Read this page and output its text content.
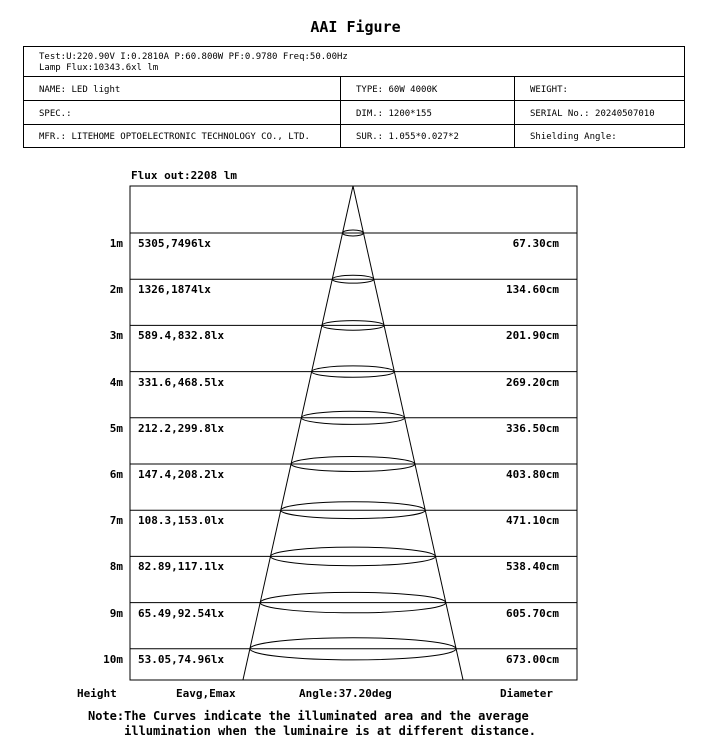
AAI Figure
Test:U:220.90V I:0.2810A P:60.800W PF:0.9780 Freq:50.00Hz
Lamp Flux:10343.6xl lm		

NAME: LED light	TYPE: 60W 4000K	WEIGHT:
SPEC.:	DIM.: 1200*155	SERIAL No.: 20240507010
MFR.: LITEHOME OPTOELECTRONIC TECHNOLOGY CO., LTD.	SUR.: 1.055*0.027*2	Shielding Angle:
Flux out:2208 lm
1m 5305,7496lx	67.30cm
2m 1326,1874lx	134.60cm
3m 589.4,832.8lx	201.90cm
4m 331.6,468.5lx	269.20cm
5m 212.2,299.8lx	336.50cm
6m 147.4,208.2lx	403.80cm
7m 108.3,153.0lx	471.10cm
8m 82.89,117.1lx	538.40cm
9m 65.49,92.54lx	605.70cm
10m 53.05,74.96lx	673.00cm
Height	Eavg,Emax	Angle:37.20deg	Diameter
Note:The Curves indicate the illuminated area and the average
illumination when the luminaire is at different distance.
